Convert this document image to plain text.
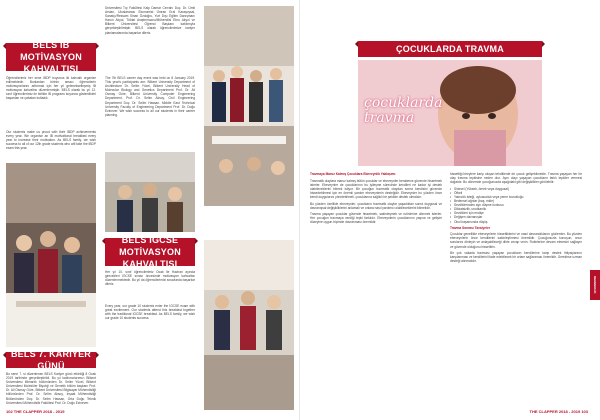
BELS IB MOTİVASYON
KAHVALTISI

Öğrencilerimiz her sene IBDP boyunca iki kahvaltı organize edilmektedir. Bunlardan birinin amacı öğrencilerin motivasyonlarını arttırmak için her yıl gelenekselleşmiş IB motivasyon kahvaltısı düzenlenmiştir. BELS olarak bu yıl 12. sınıf öğrencilerimiz ile birlikte IB programı boyunca gösterdikleri başarıları ve çabaları kutladık.

Our students make us proud with their IBDP achievements every year. We organise an IB motivational breakfast every year to increase their motivation. As BELS family, we wish success to all of our 12th grade students who will take the IBDP exam this year.

BELS 7. KARİYER GÜNÜ

Bu sene 7. si düzenlenen BELS Kariyer günü etkinliği 8 Ocak 2019 tarihinde gerçekleştirildi. Bu yıl katılımcılarımız; Bilkent Üniversitesi Mimarlık bölümünden Dr. Selim Yücel, Bilkent Üniversitesi Moleküler Biyoloji ve Genetik bölüm başkanı Prof. Dr. Ali Osmay Güre, Bilkent Üniversitesi Bilgisayar Mühendisliği bölümünden Prof. Dr. Selim Aksoy, İnşaat Mühendisliği Bölümünden Doç. Dr. Selim Hassan, Orta Doğu Teknik Üniversitesi Mühendislik Fakültesi Prof. Dr. Doğu Ezinever.

Üniversitesi Tıp Fakültesi Kalp Damar Cerrahı Doç. Dr. Ümit Arslan, Uluslararası Ekonomist Ümran Eral Karaşoysal, Sanatçı/Ressam Sinan Özdoğru, Yurt Dışı Eğitim Danışmanı Harun Akyol, Tüblat Araştırmacısı/Mühendisi Ebru Akyol ve Bilkent Üniversitesi Öğrenci Başkanı katılımıyla gerçekleştirilmiştir. BELS olarak öğrencilerimize kariyer planlamalarında başarılar dileriz.

The 7th BELS career day event was held on 8 January 2019. This year's participants are: Bilkent University Department of Architecture Dr. Selim Yücel, Bilkent University Head of Molecular Biology and Genetics Department Prof. Dr. Ali Osmay Güre, Bilkent University Computer Engineering Department, Prof. Dr. Selim Aksoy, Civil Engineering Department Doç. Dr. Selim Hassan. Middle East Technical University Faculty of Engineering Department Prof. Dr. Doğu Ezinever. We wish success to all our students in their career planning.

BELS IGCSE MOTİVASYON
KAHVALTISI

Her yıl 10. sınıf öğrencilerimiz Ocak ile Haziran ayında girecekleri IGCSE sınavı öncesinde motivasyon kahvaltısı düzenlenmektedir. Bu yıl da öğrencilerimizi sınavlarda başarılar dileriz.

Every year, our grade 10 students enter the IGCSE exam with great excitement. Our students attend this breakfast together with the traditional IGCSE breakfast. As BELS family, we wish our grade 10 students success.

102 THE CLAPPER 2018 - 2019
ÇOCUKLARDA TRAVMA
çocuklarda
travma

Travmaya Maruz Kalmış Çocuklara Ebeveynlik Yaklaşımı

Travmatik olaylara maruz kalmış bütün çocuklar ve ebeveynler beraberce güvende hissetmek isterler. Ebeveynler de çocuklarının bu iyileşme sürecinde kendileri ne kadar iyi destek olabileceklerini bilmek istiyor. Bir çocuğun travmatik olaydan sonra kendisini güvende hissedebilmesi için en önemli yardım ebeveynlerin desteğidir. Ebeveynler bu yüzden önce kendi duygularını yönetebilmeli, çocuklarına sağlıklı bir şekilde destek olmalıdır.

Bu yüzden özellikle ebeveynler, çocukların travmatik olaylar yaşadıktan sonra duygusal ve davranışsal değişikliklerini anlamalı ve onlara nasıl yardımcı olabileceklerini bilmelidir.

Travma yaşayan çocuklar güvende hissetmek, sakinleşmek ve rutinlerine dönmek isterler. Her çocuğun travmaya verdiği tepki farklıdır. Ebeveynlerin çocuklarının yaşına ve gelişim düzeyine uygun biçimde davranması önemlidir.

hissettiği bireylere karşı oluşan tehditlerde de çocuk gelişebilmekte. Travma yaşayan her bir olay travma tepkisine neden olur. Aynı olayı yaşayan çocukların farklı tepkiler vermesi doğaldır. Bu dönemde çocuğunuzda aşağıdaki gibi değişiklikler görülebilir:

• Sinirsel (Yüksek, örnek veya duygusal)
• Öfkeli
• Yalnızlık isteği, uykusuzluk veya yeme bozukluğu
• Bedensel ağrılar (baş, mide)
• Sevdiklerinden ayrı düşme korkusu
• Dikkatsizlik, unutkanlık
• Sevdikleri için endişe
• Değişen davranışlar
• Okul başarısında düşüş

Travma Sonrası Tavsiyeler

Çocuklar genellikle ebeveynlerin hissettiklerini ve nasıl davrandıklarını gözlemler. Bu yüzden ebeveynlerin önce kendilerini sakinleştirmesi önemlidir. Çocuğunuzla konuşun, onun sorularını dinleyin ve anlayabileceği dilde cevap verin. Rutinlerine devam etmesini sağlayın ve güvende olduğunu hissettirin.

Bir çok vakada travması yaşayan çocukların kendilerine karşı destek ihtiyaçlarının karşılanması ve kendilerini ifade edebilecek bir ortam sağlanması önemlidir. Gerekirse uzman desteği alınmalıdır.

REHBERLİK
THE CLAPPER 2018 - 2019 103
